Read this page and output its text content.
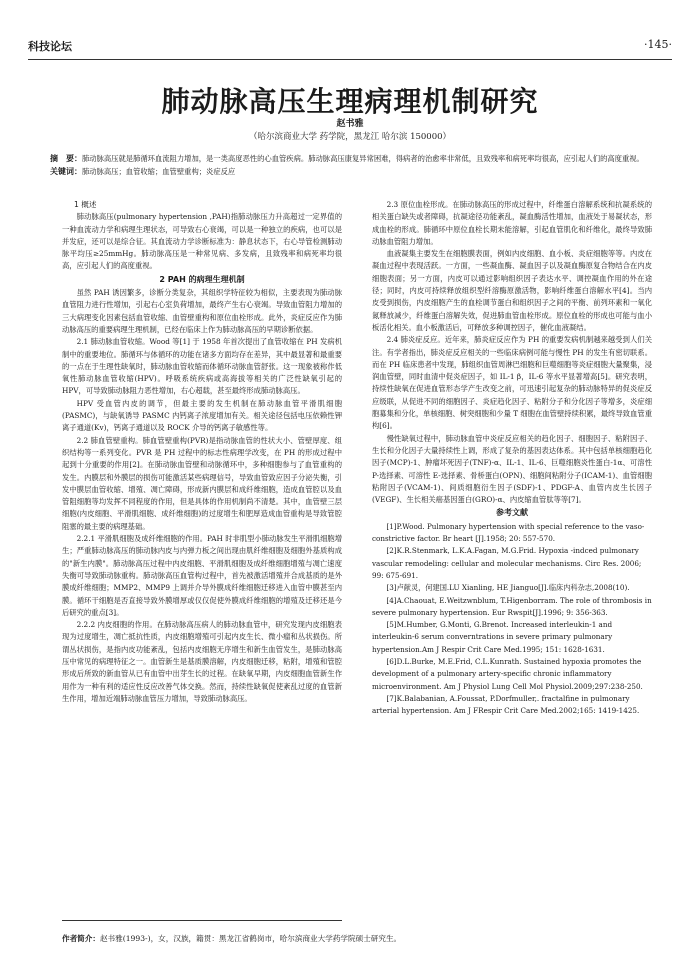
科技论坛	·145·
肺动脉高压生理病理机制研究
赵书雅
（哈尔滨商业大学 药学院，黑龙江 哈尔滨 150000）
摘　要：肺动脉高压就是肺循环血流阻力增加，是一类高度恶性的心血管疾病。肺动脉高压康复异常困难，得病者的治愈率非常低，且致残率和病死率均很高，应引起人们的高度重视。
关键词：肺动脉高压；血管收缩；血管壁重构；炎症反应
1 概述

肺动脉高压(pulmonary hypertension ,PAH)指肺动脉压力升高超过一定界值的一种血流动力学和病理生理状态，可导致右心衰竭，可以是一种独立的疾病，也可以是并发症，还可以是综合征。其血流动力学诊断标准为：静息状态下，右心导管检测肺动脉平均压≥25mmHg。肺动脉高压是一种常见病、多发病，且致残率和病死率均很高，应引起人们的高度重视。

2 PAH 的病理生理机制

虽然 PAH 诱因繁多，诊断分类复杂，其组织学特征较为相似，主要表现为肺动脉血管阻力进行性增加，引起右心室负荷增加，最终产生右心衰竭。导致血管阻力增加的三大病理变化因素包括血管收缩、血管壁重构和原位血栓形成。此外，炎症反应作为肺动脉高压的重要病理生理机制，已经在临床上作为肺动脉高压的早期诊断依据。

2.1 肺动脉血管收缩。Wood 等[1] 于 1958 年首次提出了血管收缩在 PH 发病机制中的重要地位。肺循环与体循环的功能在诸多方面均存在差异，其中最显著和最重要的一点在于生理性缺氧时，肺动脉血管收缩而体循环动脉血管舒张。这一现象被称作低氧性肺动脉血管收缩(HPV)。呼吸系统疾病或高海拔等相关的广泛性缺氧引起的 HPV，可导致肺动脉阻力恶性增加，右心超载，甚至最终形成肺动脉高压。

HPV 受血管内皮的调节，但最主要的发生机制在肺动脉血管平滑肌细胞(PASMC)，与缺氧诱导 PASMC 内钙离子浓度增加有关。相关途径包括电压依赖性钾离子通道(Kv)，钙离子通道以及 ROCK 介导的钙离子敏感性等。

2.2 肺血管壁重构。肺血管壁重构(PVR)是指动脉血管的性状大小、管壁厚度、组织结构等一系列变化。PVR 是 PH 过程中的标志性病理学改变，在 PH 的形成过程中起到十分重要的作用[2]。在肺动脉血管壁和动脉循环中，多种细胞参与了血管重构的发生。内膜层和外膜层的损伤可能激活某些病理信号，导致血管致应因子分泌失衡，引发中膜层血管收缩、增殖、凋亡障碍，形成新内膜层和成纤维细胞，造成血管腔以及血管阻细胞等均发挥不同程度的作用，但是具体的作用机制尚不清楚。其中，血管壁三层细胞(内皮细胞、平滑肌细胞、成纤维细胞)的过度增生和肥厚造成血管重构是导致管腔阻塞的最主要的病理基础。

2.2.1 平滑肌细胞及成纤维细胞的作用。PAH 时非肌型小肺动脉发生平滑肌细胞增生；严重肺动脉高压的肺动脉内皮与内弹力板之间出现由肌纤维细胞及细胞外基质构成的"新生内膜"。肺动脉高压过程中内皮细胞、平滑肌细胞及成纤维细胞增殖与凋亡速度失衡可导致肺动脉重构。肺动脉高压血管构过程中，首先被激活增殖并合成基质的是外膜成纤维细胞；MMP2、MMP9 上调并介导外膜成纤维细胞迁移进入血管中膜甚至内膜。循环干细胞是否直接导致外膜增厚或仅仅促使外膜成纤维细胞的增殖及迁移还是今后研究的重点[3]。

2.2.2 内皮细胞的作用。在肺动脉高压病人的肺动脉血管中，研究发现内皮细胞表现为过度增生，凋亡抵抗性质，内皮细胞增殖可引起内皮生长、微小瘤和丛状损伤。所谓丛状损伤，是指内皮功能紊乱，包括内皮细胞无序增生和新生血管发生，是肺动脉高压中常见的病理特征之一。血管新生是基质膜溶解，内皮细胞迁移，粘附，增殖和管腔形成后所致的新血管从已有血管中出芽生长的过程。在缺氧早期，内皮细胞血管新生作用作为一种有利的适应性反应改善气体交换。然而，持续性缺氧促使紊乱过度的血管新生作用，增加近端肺动脉血管压力增加，导致肺动脉高压。

2.3 原位血栓形成。在肺动脉高压的形成过程中，纤维蛋白溶解系统和抗凝系统的相关蛋白缺失或者障碍，抗凝途径功能紊乱，凝血酶活性增加，血液处于易凝状态，形成血栓的形成。肺循环中原位血栓长期未能溶解，引起血管肌化和纤维化，最终导致肺动脉血管阻力增加。

血液凝集主要发生在细胞膜表面，例如内皮细胞、血小板、炎症细胞等等。内皮在凝血过程中表现活跃。一方面，一些凝血酶、凝血因子以及凝血酶原复合物结合在内皮细胞表面；另一方面，内皮可以通过影响组织因子表达水平、调控凝血作用的外在途径；同时，内皮可持续释放组织型纤溶酶原激活物，影响纤维蛋白溶解水平[4]。当内皮受到损伤，内皮细胞产生的血栓调节蛋白和组织因子之间的平衡、前列环素和一氧化氮释放减少，纤维蛋白溶解失效，促进肺血管血栓形成。原位血栓的形成也可能与血小板活化相关。血小板激活后，可释放多种调控因子，催化血液凝结。

2.4 肺炎症反应。近年来，肺炎症反应作为 PH 的重要发病机制越来越受到人们关注。有学者指出，肺炎症反应相关的一些临床病例可能与慢性 PH 的发生有密切联系。而在 PH 临床患者中发现，肺组织血管周淋巴细胞和巨噬细胞等炎症细胞大量聚集，浸润血管壁，同时血清中促炎症因子，如 IL-1 β，IL-6 等水平显著增高[5]。研究表明，持续性缺氧在促进血管形态学产生改变之前，可迅速引起复杂的肺动脉特异的促炎症反应级联，从促进不同的细胞因子、炎症趋化因子、粘附分子和分化因子等增多，炎症细胞募集和分化，单核细胞、树突细胞和少量 T 细胞在血管壁持续积累，最终导致血管重构[6]。

慢性缺氧过程中，肺动脉血管中炎症反应相关的趋化因子、细胞因子、粘附因子、生长和分化因子大量持续性上调，形成了复杂的基因表达体系。其中包括单核细胞趋化因子(MCP)-1、肿瘤坏死因子(TNF)-α、IL-1、IL-6、巨噬细胞炎性蛋白-1α、可溶性 P-选择素、可溶性 E-选择素、骨桥蛋白(OPN)、细胞间粘附分子(ICAM-1)、血管细胞粘附因子(VCAM-1)、间质细胞衍生因子(SDF)-1、PDGF-A、血管内皮生长因子(VEGF)、生长相关癌基因蛋白(GRO)-α、内皮缩血管肽等等[7]。

参考文献

[1]P.Wood. Pulmonary hypertension with special reference to the vaso-constrictive factor. Br heart [J].1958; 20: 557-570.

[2]K.R.Stenmark, L.K.A.Fagan, M.G.Frid. Hypoxia -indced pulmonary vascular remodeling: cellular and molecular mechanisms. Circ Res. 2006; 99: 675-691.

[3]卢献灵，何建国.LU Xianling, HE Jianguo[J].临床内科杂志,2008(10).

[4]A.Chaouat, E.Weitzwnblum, T.Higenborram. The role of thrombosis in severe pulmonary hypertension. Eur Rwspit[J].1996; 9: 356-363.

[5]M.Humber, G.Monti, G.Brenot. Increased interleukin-1 and interleukin-6 serum converntrations in severe primary pulmonary hypertension.Am J Respir Crit Care Med.1995; 151: 1628-1631.

[6]D.L.Burke, M.E.Frid, C.L.Kunrath. Sustained hypoxia promotes the development of a pulmonary artery-specific chronic inflammatory microenvironment. Am J Physiol Lung Cell Mol Physiol.2009;297:238-250.

[7]K.Balabanian, A.Foussat, P.Dorfmuller,. fractalfine in pulmonary arterial hypertension. Am J FRespir Crit Care Med.2002;165: 1419-1425.

作者简介：赵书雅(1993-)，女，汉族，籍贯：黑龙江省鹤岗市，哈尔滨商业大学药学院硕士研究生。
